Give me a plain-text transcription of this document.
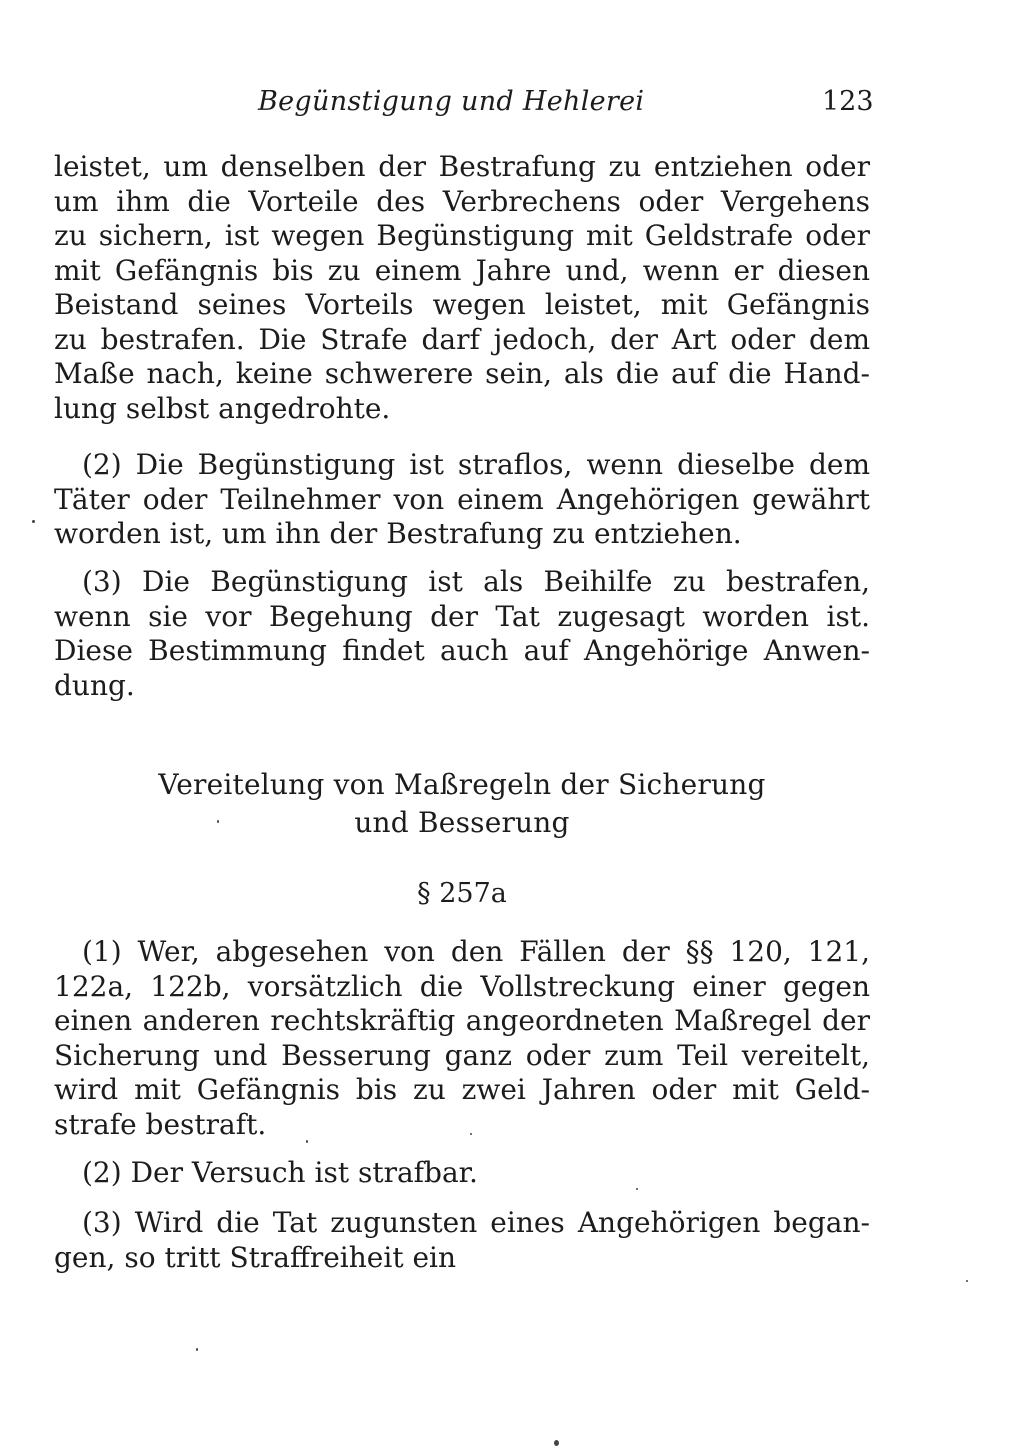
Begünstigung und Hehlerei	123
leistet, um denselben der Bestrafung zu entziehen oder
um ihm die Vorteile des Verbrechens oder Vergehens
zu sichern, ist wegen Begünstigung mit Geldstrafe oder
mit Gefängnis bis zu einem Jahre und, wenn er diesen
Beistand seines Vorteils wegen leistet, mit Gefängnis
zu bestrafen. Die Strafe darf jedoch, der Art oder dem
Maße nach, keine schwerere sein, als die auf die Hand-
lung selbst angedrohte.
(2) Die Begünstigung ist straflos, wenn dieselbe dem
Täter oder Teilnehmer von einem Angehörigen gewährt
worden ist, um ihn der Bestrafung zu entziehen.
(3) Die Begünstigung ist als Beihilfe zu bestrafen,
wenn sie vor Begehung der Tat zugesagt worden ist.
Diese Bestimmung findet auch auf Angehörige Anwen-
dung.
Vereitelung von Maßregeln der Sicherung
und Besserung
§ 257a
(1) Wer, abgesehen von den Fällen der §§ 120, 121,
122a, 122b, vorsätzlich die Vollstreckung einer gegen
einen anderen rechtskräftig angeordneten Maßregel der
Sicherung und Besserung ganz oder zum Teil vereitelt,
wird mit Gefängnis bis zu zwei Jahren oder mit Geld-
strafe bestraft.
(2) Der Versuch ist strafbar.
(3) Wird die Tat zugunsten eines Angehörigen began-
gen, so tritt Straffreiheit ein
